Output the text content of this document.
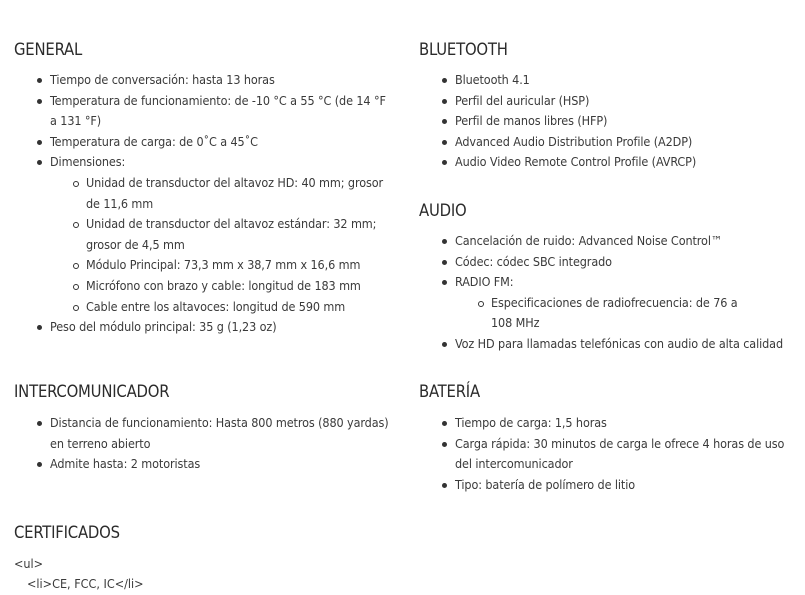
GENERAL
Tiempo de conversación: hasta 13 horas
Temperatura de funcionamiento: de -10 °C a 55 °C (de 14 °F a 131 °F)
Temperatura de carga: de 0˚C a 45˚C
Dimensiones:
Unidad de transductor del altavoz HD: 40 mm; grosor de 11,6 mm
Unidad de transductor del altavoz estándar: 32 mm; grosor de 4,5 mm
Módulo Principal: 73,3 mm x 38,7 mm x 16,6 mm
Micrófono con brazo y cable: longitud de 183 mm
Cable entre los altavoces: longitud de 590 mm
Peso del módulo principal: 35 g (1,23 oz)
INTERCOMUNICADOR
Distancia de funcionamiento: Hasta 800 metros (880 yardas) en terreno abierto
Admite hasta: 2 motoristas
CERTIFICADOS

<ul>

<li>CE, FCC, IC</li>

BLUETOOTH
Bluetooth 4.1
Perfil del auricular (HSP)
Perfil de manos libres (HFP)
Advanced Audio Distribution Profile (A2DP)
Audio Video Remote Control Profile (AVRCP)
AUDIO
Cancelación de ruido: Advanced Noise Control™
Códec: códec SBC integrado
RADIO FM:
Especificaciones de radiofrecuencia: de 76 a 108 MHz
Voz HD para llamadas telefónicas con audio de alta calidad
BATERÍA
Tiempo de carga: 1,5 horas
Carga rápida: 30 minutos de carga le ofrece 4 horas de uso del intercomunicador
Tipo: batería de polímero de litio
